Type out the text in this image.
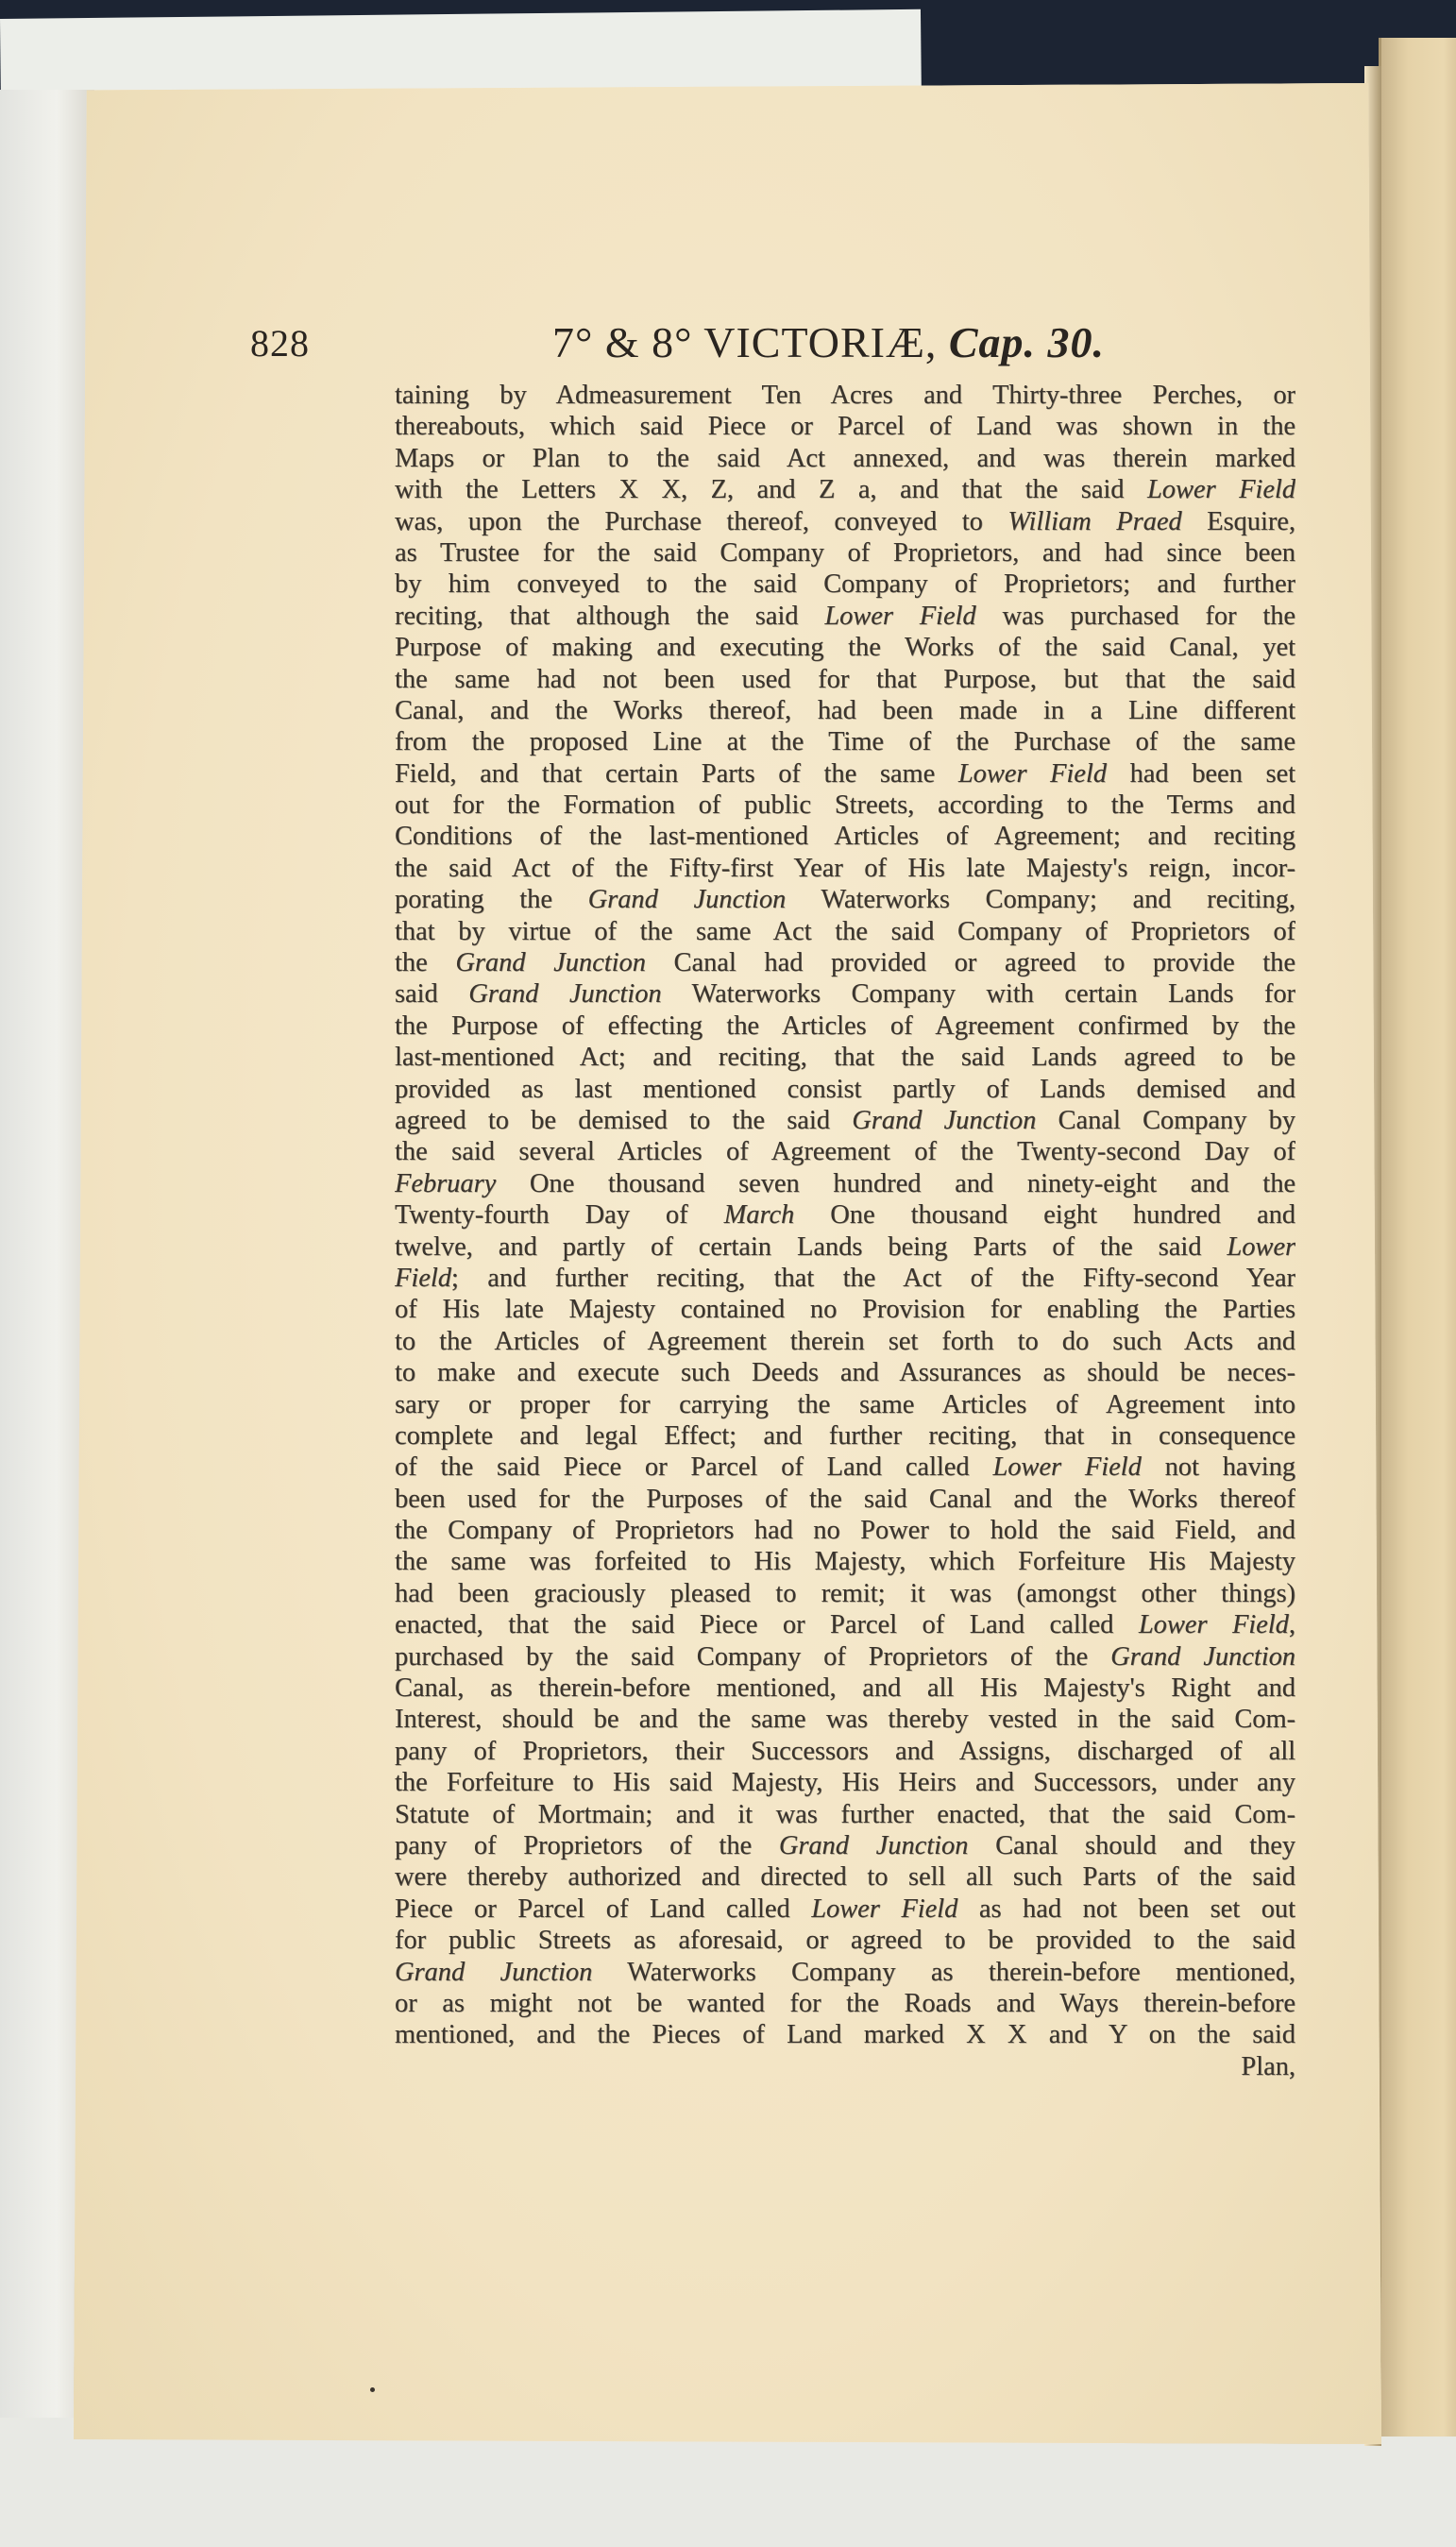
828	7° & 8° VICTORIÆ, Cap. 30.
taining by Admeasurement Ten Acres and Thirty-three Perches, or
thereabouts, which said Piece or Parcel of Land was shown in the
Maps or Plan to the said Act annexed, and was therein marked
with the Letters X X, Z, and Z a, and that the said Lower Field
was, upon the Purchase thereof, conveyed to William Praed Esquire,
as Trustee for the said Company of Proprietors, and had since been
by him conveyed to the said Company of Proprietors; and further
reciting, that although the said Lower Field was purchased for the
Purpose of making and executing the Works of the said Canal, yet
the same had not been used for that Purpose, but that the said
Canal, and the Works thereof, had been made in a Line different
from the proposed Line at the Time of the Purchase of the same
Field, and that certain Parts of the same Lower Field had been set
out for the Formation of public Streets, according to the Terms and
Conditions of the last-mentioned Articles of Agreement; and reciting
the said Act of the Fifty-first Year of His late Majesty's reign, incor-
porating the Grand Junction Waterworks Company; and reciting,
that by virtue of the same Act the said Company of Proprietors of
the Grand Junction Canal had provided or agreed to provide the
said Grand Junction Waterworks Company with certain Lands for
the Purpose of effecting the Articles of Agreement confirmed by the
last-mentioned Act; and reciting, that the said Lands agreed to be
provided as last mentioned consist partly of Lands demised and
agreed to be demised to the said Grand Junction Canal Company by
the said several Articles of Agreement of the Twenty-second Day of
February One thousand seven hundred and ninety-eight and the
Twenty-fourth Day of March One thousand eight hundred and
twelve, and partly of certain Lands being Parts of the said Lower
Field; and further reciting, that the Act of the Fifty-second Year
of His late Majesty contained no Provision for enabling the Parties
to the Articles of Agreement therein set forth to do such Acts and
to make and execute such Deeds and Assurances as should be neces-
sary or proper for carrying the same Articles of Agreement into
complete and legal Effect; and further reciting, that in consequence
of the said Piece or Parcel of Land called Lower Field not having
been used for the Purposes of the said Canal and the Works thereof
the Company of Proprietors had no Power to hold the said Field, and
the same was forfeited to His Majesty, which Forfeiture His Majesty
had been graciously pleased to remit; it was (amongst other things)
enacted, that the said Piece or Parcel of Land called Lower Field,
purchased by the said Company of Proprietors of the Grand Junction
Canal, as therein-before mentioned, and all His Majesty's Right and
Interest, should be and the same was thereby vested in the said Com-
pany of Proprietors, their Successors and Assigns, discharged of all
the Forfeiture to His said Majesty, His Heirs and Successors, under any
Statute of Mortmain; and it was further enacted, that the said Com-
pany of Proprietors of the Grand Junction Canal should and they
were thereby authorized and directed to sell all such Parts of the said
Piece or Parcel of Land called Lower Field as had not been set out
for public Streets as aforesaid, or agreed to be provided to the said
Grand Junction Waterworks Company as therein-before mentioned,
or as might not be wanted for the Roads and Ways therein-before
mentioned, and the Pieces of Land marked X X and Y on the said
Plan,
